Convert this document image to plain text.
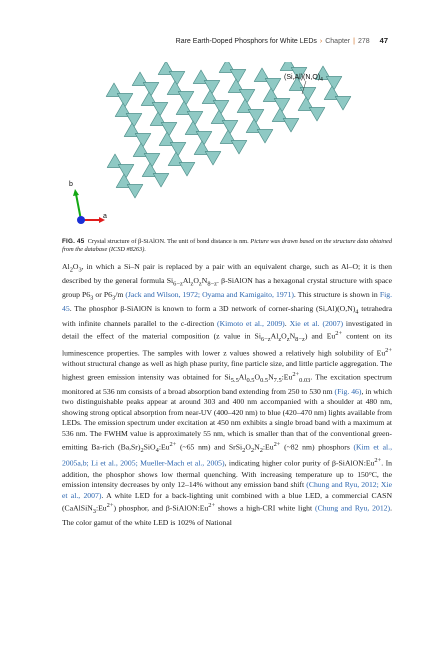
Rare Earth-Doped Phosphors for White LEDs › Chapter | 278 47
$(Si,Al)(N,O)_4$
a
b
FIG. 45 Crystal structure of β-SiAlON. The unit of bond distance is nm. Picture was drawn based on the structure data obtained from the database (ICSD #8263).

$Al_2O_3$, in which a Si–N pair is replaced by a pair with an equivalent charge, such as Al–O; it is then described by the general formula $Si_{6-z}Al_zO_zN_{8-z}$. β-SiAlON has a hexagonal crystal structure with space group $P6_3$ or $P6_3/m$ (Jack and Wilson, 1972; Oyama and Kamigaito, 1971). This structure is shown in Fig. 45. The phosphor β-SiAlON is known to form a 3D network of corner-sharing $(Si,Al)(O,N)_4$ tetrahedra with infinite channels parallel to the c-direction (Kimoto et al., 2009). Xie et al. (2007) investigated in detail the effect of the material composition (z value in $Si_{6-z}Al_zO_zN_{8-z}$) and $Eu^{2+}$ content on its luminescence properties. The samples with lower z values showed a relatively high solubility of $Eu^{2+}$ without structural change as well as high phase purity, fine particle size, and little particle aggregation. The highest green emission intensity was obtained for $Si_{5.5}Al_{0.5}O_{0.5}N_{7.5}:Eu^{2+}_{0.03}$. The excitation spectrum monitored at 536 nm consists of a broad absorption band extending from 250 to 530 nm (Fig. 46), in which two distinguishable peaks appear at around 303 and 400 nm accompanied with a shoulder at 480 nm, showing strong optical absorption from near-UV (400–420 nm) to blue (420–470 nm) lights available from LEDs. The emission spectrum under excitation at 450 nm exhibits a single broad band with a maximum at 536 nm. The FWHM value is approximately 55 nm, which is smaller than that of the conventional green-emitting Ba-rich $(Ba,Sr)_2SiO_4:Eu^{2+}$ (~65 nm) and $SrSi_2O_2N_2:Eu^{2+}$ (~82 nm) phosphors (Kim et al., 2005a,b; Li et al., 2005; Mueller-Mach et al., 2005), indicating higher color purity of $\beta-SiAlON:Eu^{2+}$. In addition, the phosphor shows low thermal quenching. With increasing temperature up to 150°C, the emission intensity decreases by only 12–14% without any emission band shift (Chung and Ryu, 2012; Xie et al., 2007). A white LED for a back-lighting unit combined with a blue LED, a commercial CASN $(CaAlSiN_3:Eu^{2+})$ phosphor, and $\beta-SiAlON:Eu^{2+}$ shows a high-CRI white light (Chung and Ryu, 2012). The color gamut of the white LED is 102% of National
